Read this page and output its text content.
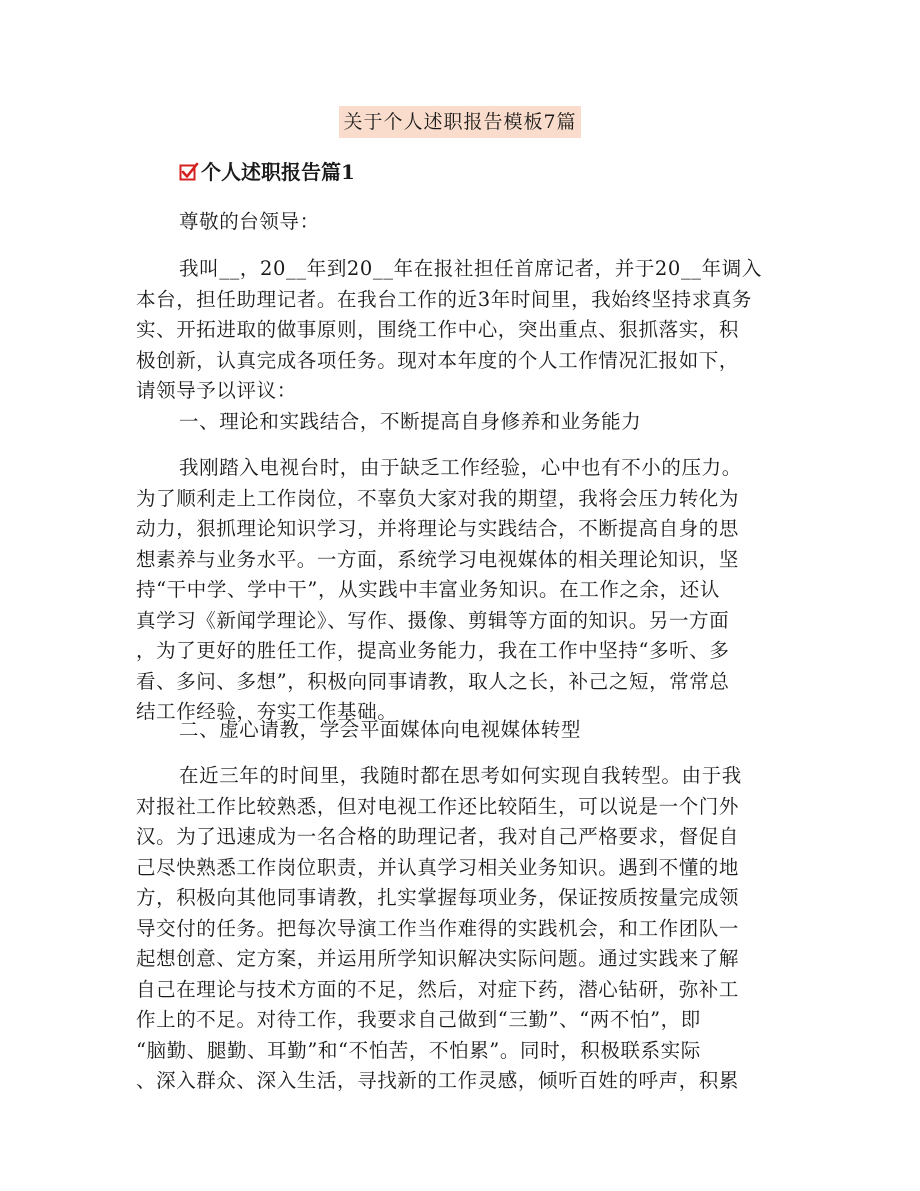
关于个人述职报告模板7篇
个人述职报告篇1
尊敬的台领导：
我叫__，20__年到20__年在报社担任首席记者，并于20__年调入
本台，担任助理记者。在我台工作的近3年时间里，我始终坚持求真务
实、开拓进取的做事原则，围绕工作中心，突出重点、狠抓落实，积
极创新，认真完成各项任务。现对本年度的个人工作情况汇报如下，
请领导予以评议：
一、理论和实践结合，不断提高自身修养和业务能力
我刚踏入电视台时，由于缺乏工作经验，心中也有不小的压力。
为了顺利走上工作岗位，不辜负大家对我的期望，我将会压力转化为
动力，狠抓理论知识学习，并将理论与实践结合，不断提高自身的思
想素养与业务水平。一方面，系统学习电视媒体的相关理论知识，坚
持“干中学、学中干”，从实践中丰富业务知识。在工作之余，还认
真学习《新闻学理论》、写作、摄像、剪辑等方面的知识。另一方面
，为了更好的胜任工作，提高业务能力，我在工作中坚持“多听、多
看、多问、多想”，积极向同事请教，取人之长，补己之短，常常总
结工作经验，夯实工作基础。
二、虚心请教，学会平面媒体向电视媒体转型
在近三年的时间里，我随时都在思考如何实现自我转型。由于我
对报社工作比较熟悉，但对电视工作还比较陌生，可以说是一个门外
汉。为了迅速成为一名合格的助理记者，我对自己严格要求，督促自
己尽快熟悉工作岗位职责，并认真学习相关业务知识。遇到不懂的地
方，积极向其他同事请教，扎实掌握每项业务，保证按质按量完成领
导交付的任务。把每次导演工作当作难得的实践机会，和工作团队一
起想创意、定方案，并运用所学知识解决实际问题。通过实践来了解
自己在理论与技术方面的不足，然后，对症下药，潜心钻研，弥补工
作上的不足。对待工作，我要求自己做到“三勤”、“两不怕”，即
“脑勤、腿勤、耳勤”和“不怕苦，不怕累”。同时，积极联系实际
、深入群众、深入生活，寻找新的工作灵感，倾听百姓的呼声，积累
